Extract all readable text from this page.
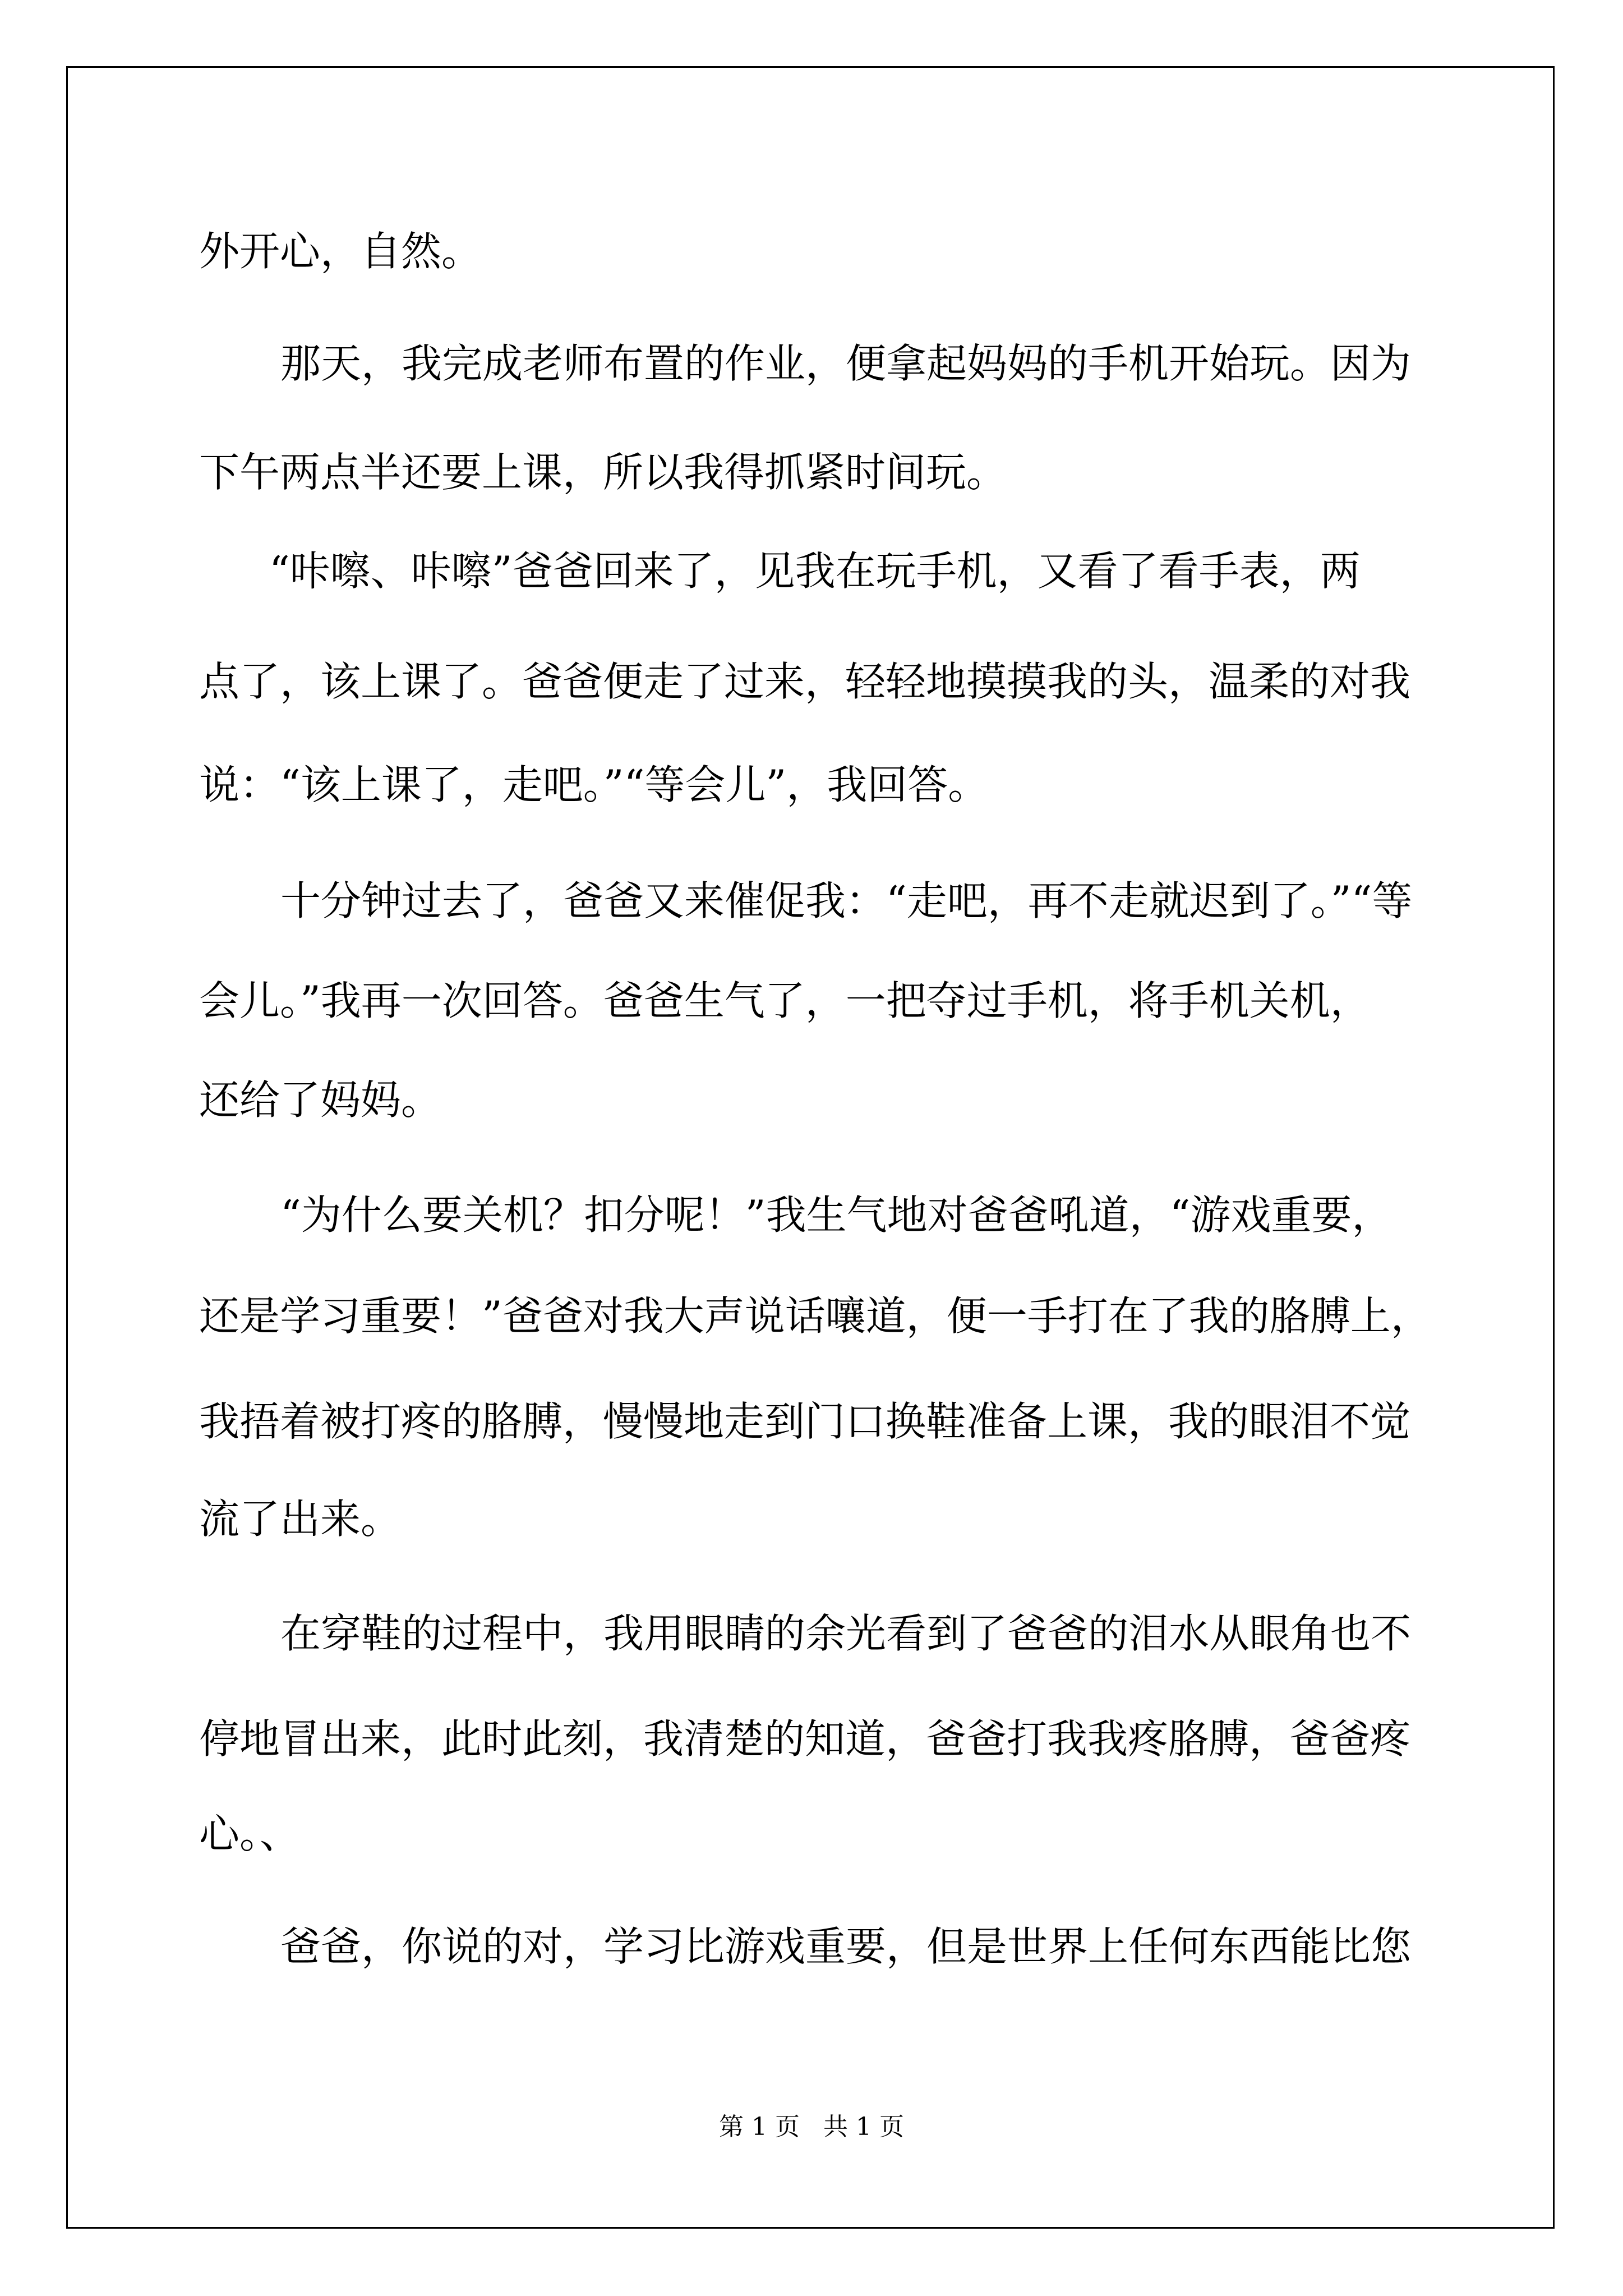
外开心，自然。

那天，我完成老师布置的作业，便拿起妈妈的手机开始玩。因为

下午两点半还要上课，所以我得抓紧时间玩。

“咔嚓、咔嚓”爸爸回来了，见我在玩手机，又看了看手表，两

点了，该上课了。爸爸便走了过来，轻轻地摸摸我的头，温柔的对我

说：“该上课了，走吧。”“等会儿”，我回答。

十分钟过去了，爸爸又来催促我：“走吧，再不走就迟到了。”“等

会儿。”我再一次回答。爸爸生气了，一把夺过手机，将手机关机，

还给了妈妈。

“为什么要关机？扣分呢！”我生气地对爸爸吼道，“游戏重要，

还是学习重要！”爸爸对我大声说话嚷道，便一手打在了我的胳膊上，

我捂着被打疼的胳膊，慢慢地走到门口换鞋准备上课，我的眼泪不觉

流了出来。

在穿鞋的过程中，我用眼睛的余光看到了爸爸的泪水从眼角也不

停地冒出来，此时此刻，我清楚的知道，爸爸打我我疼胳膊，爸爸疼

心。、

爸爸，你说的对，学习比游戏重要，但是世界上任何东西能比您

第 1 页   共 1 页
